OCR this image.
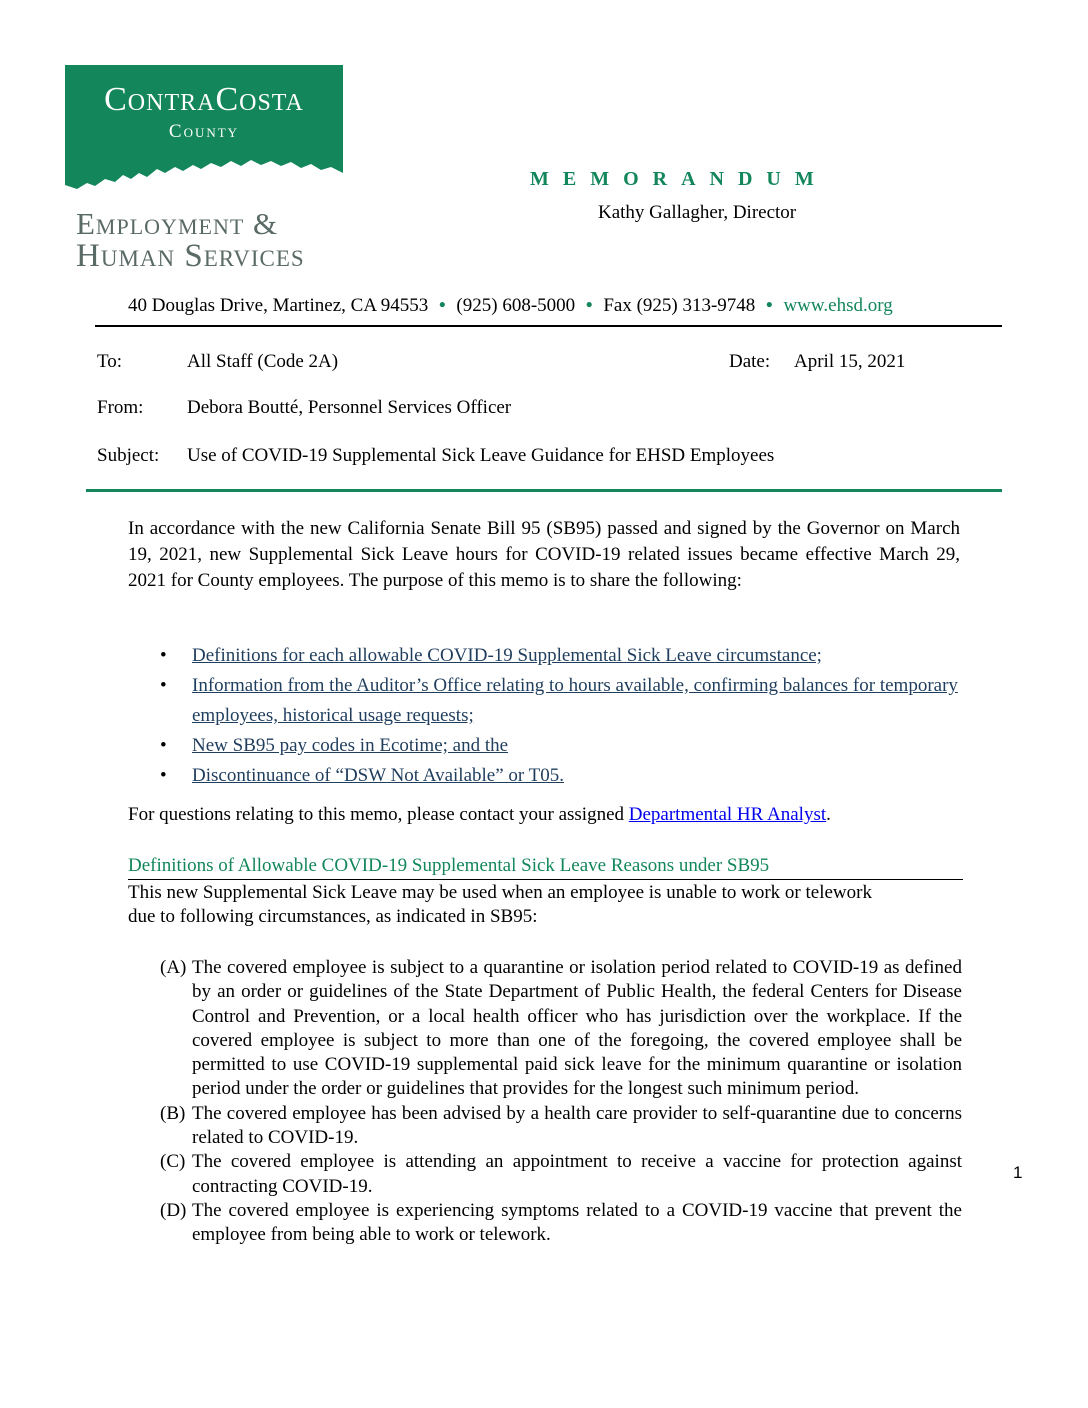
ContraCosta
County
Employment &
Human Services
MEMORANDUM
Kathy Gallagher, Director
40 Douglas Drive, Martinez, CA 94553 • (925) 608-5000 • Fax (925) 313-9748 • www.ehsd.org
To:	All Staff (Code 2A)	Date: April 15, 2021
From: Debora Boutté, Personnel Services Officer
Subject: Use of COVID-19 Supplemental Sick Leave Guidance for EHSD Employees
In accordance with the new California Senate Bill 95 (SB95) passed and signed by the Governor on March 19, 2021, new Supplemental Sick Leave hours for COVID-19 related issues became effective March 29, 2021 for County employees. The purpose of this memo is to share the following:
• Definitions for each allowable COVID-19 Supplemental Sick Leave circumstance;
• Information from the Auditor’s Office relating to hours available, confirming balances for temporary employees, historical usage requests;
• New SB95 pay codes in Ecotime; and the
• Discontinuance of “DSW Not Available” or T05.
For questions relating to this memo, please contact your assigned Departmental HR Analyst.
Definitions of Allowable COVID-19 Supplemental Sick Leave Reasons under SB95
This new Supplemental Sick Leave may be used when an employee is unable to work or telework due to following circumstances, as indicated in SB95:
(A) The covered employee is subject to a quarantine or isolation period related to COVID-19 as defined by an order or guidelines of the State Department of Public Health, the federal Centers for Disease Control and Prevention, or a local health officer who has jurisdiction over the workplace. If the covered employee is subject to more than one of the foregoing, the covered employee shall be permitted to use COVID-19 supplemental paid sick leave for the minimum quarantine or isolation period under the order or guidelines that provides for the longest such minimum period.
(B) The covered employee has been advised by a health care provider to self-quarantine due to concerns related to COVID-19.
(C) The covered employee is attending an appointment to receive a vaccine for protection against contracting COVID-19.
(D) The covered employee is experiencing symptoms related to a COVID-19 vaccine that prevent the employee from being able to work or telework.
1
